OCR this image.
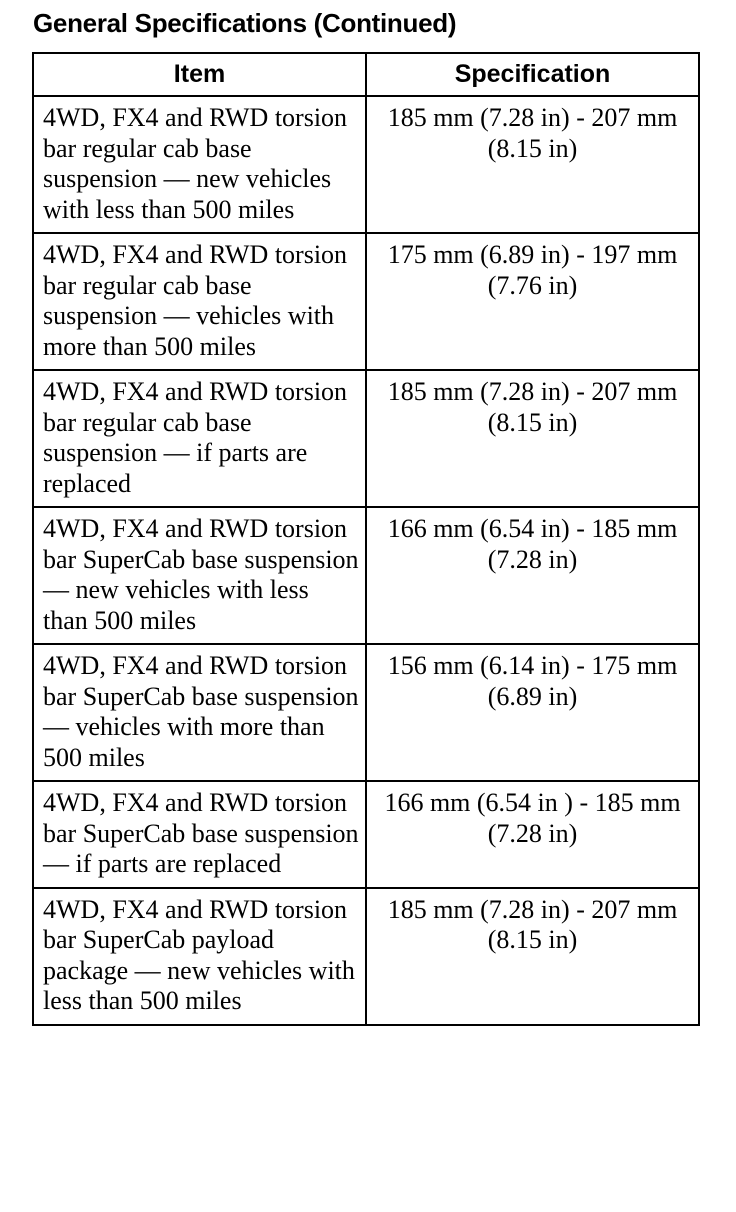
General Specifications (Continued)
Item	Specification
4WD, FX4 and RWD torsion bar regular cab base suspension — new vehicles with less than 500 miles	185 mm (7.28 in) - 207 mm (8.15 in)
4WD, FX4 and RWD torsion bar regular cab base suspension — vehicles with more than 500 miles	175 mm (6.89 in) - 197 mm (7.76 in)
4WD, FX4 and RWD torsion bar regular cab base suspension — if parts are replaced	185 mm (7.28 in) - 207 mm (8.15 in)
4WD, FX4 and RWD torsion bar SuperCab base suspension — new vehicles with less than 500 miles	166 mm (6.54 in) - 185 mm (7.28 in)
4WD, FX4 and RWD torsion bar SuperCab base suspension — vehicles with more than 500 miles	156 mm (6.14 in) - 175 mm (6.89 in)
4WD, FX4 and RWD torsion bar SuperCab base suspension — if parts are replaced	166 mm (6.54 in ) - 185 mm (7.28 in)
4WD, FX4 and RWD torsion bar SuperCab payload package — new vehicles with less than 500 miles	185 mm (7.28 in) - 207 mm (8.15 in)
